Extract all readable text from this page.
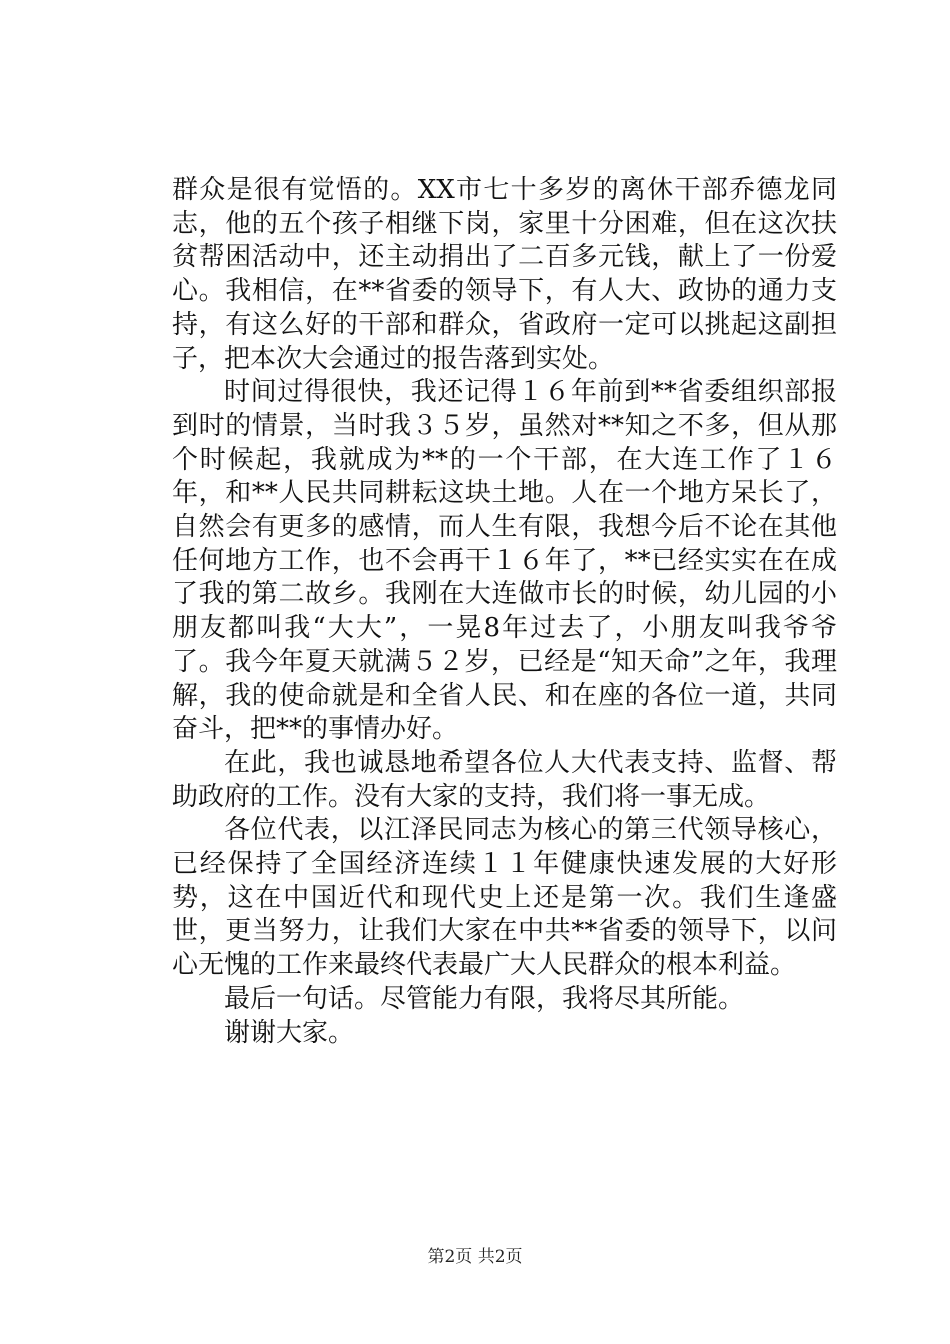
群众是很有觉悟的。XX市七十多岁的离休干部乔德龙同志，他的五个孩子相继下岗，家里十分困难，但在这次扶贫帮困活动中，还主动捐出了二百多元钱，献上了一份爱心。我相信，在**省委的领导下，有人大、政协的通力支持，有这么好的干部和群众，省政府一定可以挑起这副担子，把本次大会通过的报告落到实处。

时间过得很快，我还记得１６年前到**省委组织部报到时的情景，当时我３５岁，虽然对**知之不多，但从那个时候起，我就成为**的一个干部，在大连工作了１６年，和**人民共同耕耘这块土地。人在一个地方呆长了，自然会有更多的感情，而人生有限，我想今后不论在其他任何地方工作，也不会再干１６年了，**已经实实在在成了我的第二故乡。我刚在大连做市长的时候，幼儿园的小朋友都叫我“大大”，一晃8年过去了，小朋友叫我爷爷了。我今年夏天就满５２岁，已经是“知天命”之年，我理解，我的使命就是和全省人民、和在座的各位一道，共同奋斗，把**的事情办好。

在此，我也诚恳地希望各位人大代表支持、监督、帮助政府的工作。没有大家的支持，我们将一事无成。

各位代表，以江泽民同志为核心的第三代领导核心，已经保持了全国经济连续１１年健康快速发展的大好形势，这在中国近代和现代史上还是第一次。我们生逢盛世，更当努力，让我们大家在中共**省委的领导下，以问心无愧的工作来最终代表最广大人民群众的根本利益。

最后一句话。尽管能力有限，我将尽其所能。

谢谢大家。

第2页 共2页
